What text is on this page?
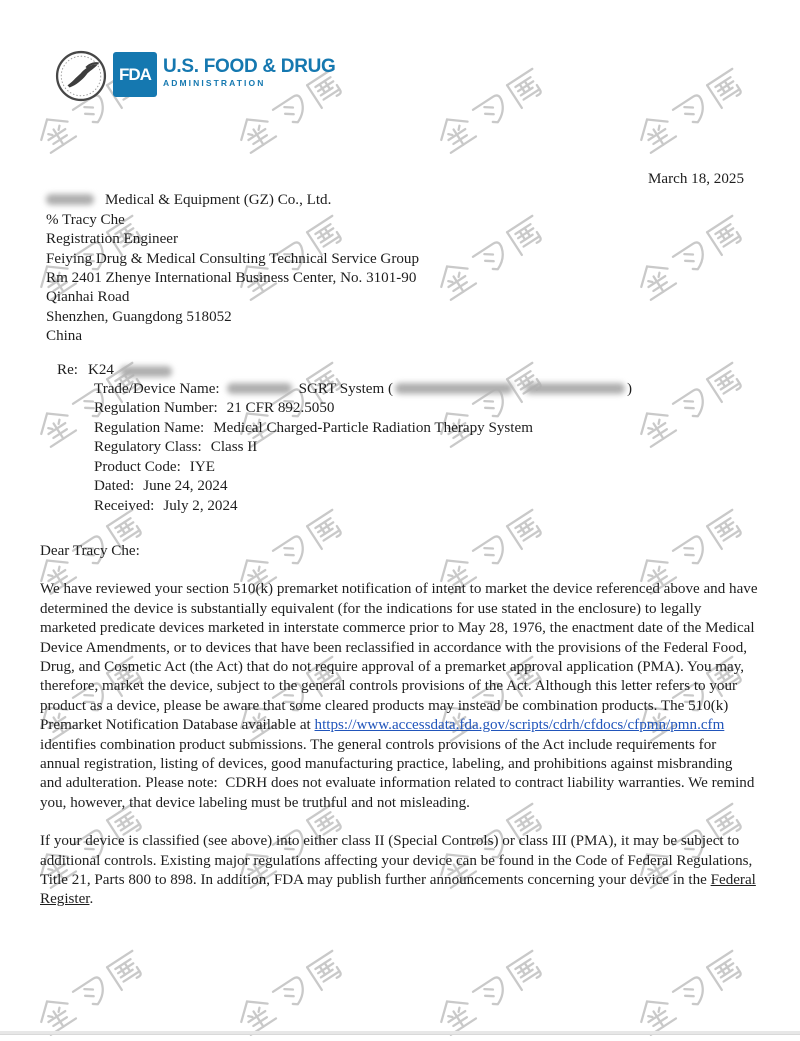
FDA U.S. FOOD & DRUG
ADMINISTRATION
March 18, 2025
Medical & Equipment (GZ) Co., Ltd.
% Tracy Che
Registration Engineer
Feiying Drug & Medical Consulting Technical Service Group
Rm 2401 Zhenye International Business Center, No. 3101-90
Qianhai Road
Shenzhen, Guangdong 518052
China
Re: K24
Trade/Device Name:	SGRT System (	)
Regulation Number: 21 CFR 892.5050
Regulation Name: Medical Charged-Particle Radiation Therapy System
Regulatory Class: Class II
Product Code: IYE
Dated: June 24, 2024
Received: July 2, 2024
Dear Tracy Che:
We have reviewed your section 510(k) premarket notification of intent to market the device referenced above and have determined the device is substantially equivalent (for the indications for use stated in the enclosure) to legally marketed predicate devices marketed in interstate commerce prior to May 28, 1976, the enactment date of the Medical Device Amendments, or to devices that have been reclassified in accordance with the provisions of the Federal Food, Drug, and Cosmetic Act (the Act) that do not require approval of a premarket approval application (PMA). You may, therefore, market the device, subject to the general controls provisions of the Act. Although this letter refers to your product as a device, please be aware that some cleared products may instead be combination products. The 510(k) Premarket Notification Database available at https://www.accessdata.fda.gov/scripts/cdrh/cfdocs/cfpmn/pmn.cfm identifies combination product submissions. The general controls provisions of the Act include requirements for annual registration, listing of devices, good manufacturing practice, labeling, and prohibitions against misbranding and adulteration. Please note:  CDRH does not evaluate information related to contract liability warranties. We remind you, however, that device labeling must be truthful and not misleading.
If your device is classified (see above) into either class II (Special Controls) or class III (PMA), it may be subject to additional controls. Existing major regulations affecting your device can be found in the Code of Federal Regulations, Title 21, Parts 800 to 898. In addition, FDA may publish further announcements concerning your device in the Federal Register.
